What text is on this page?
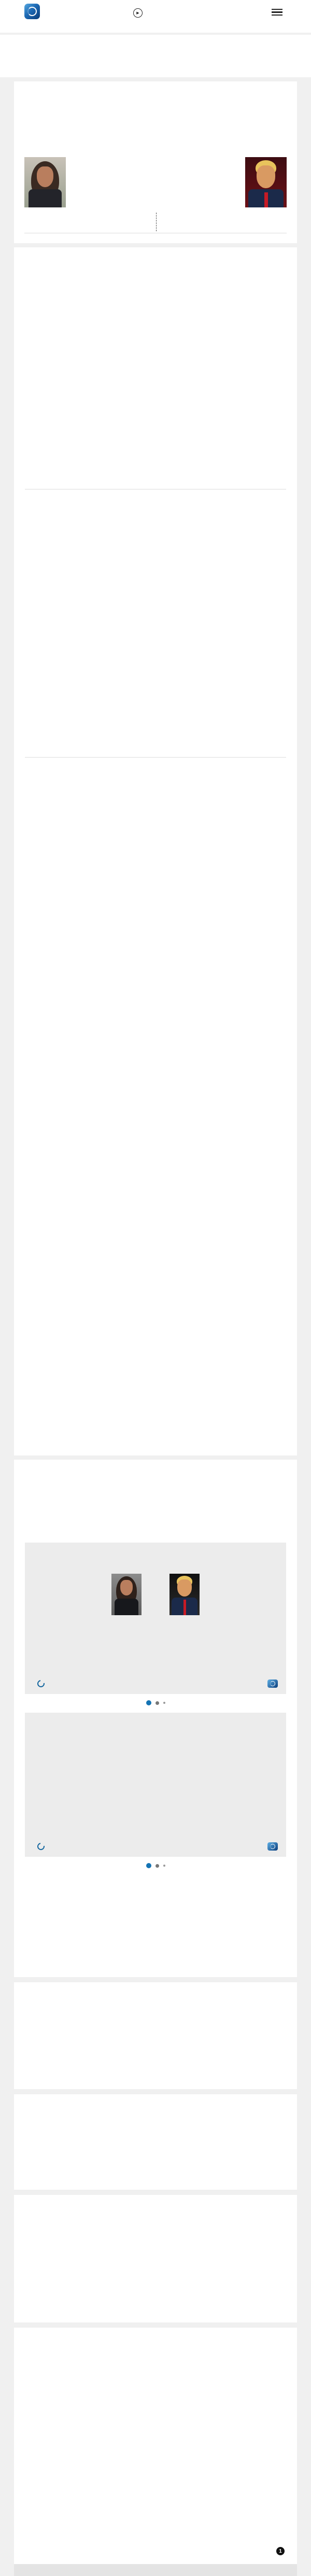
▶
1
